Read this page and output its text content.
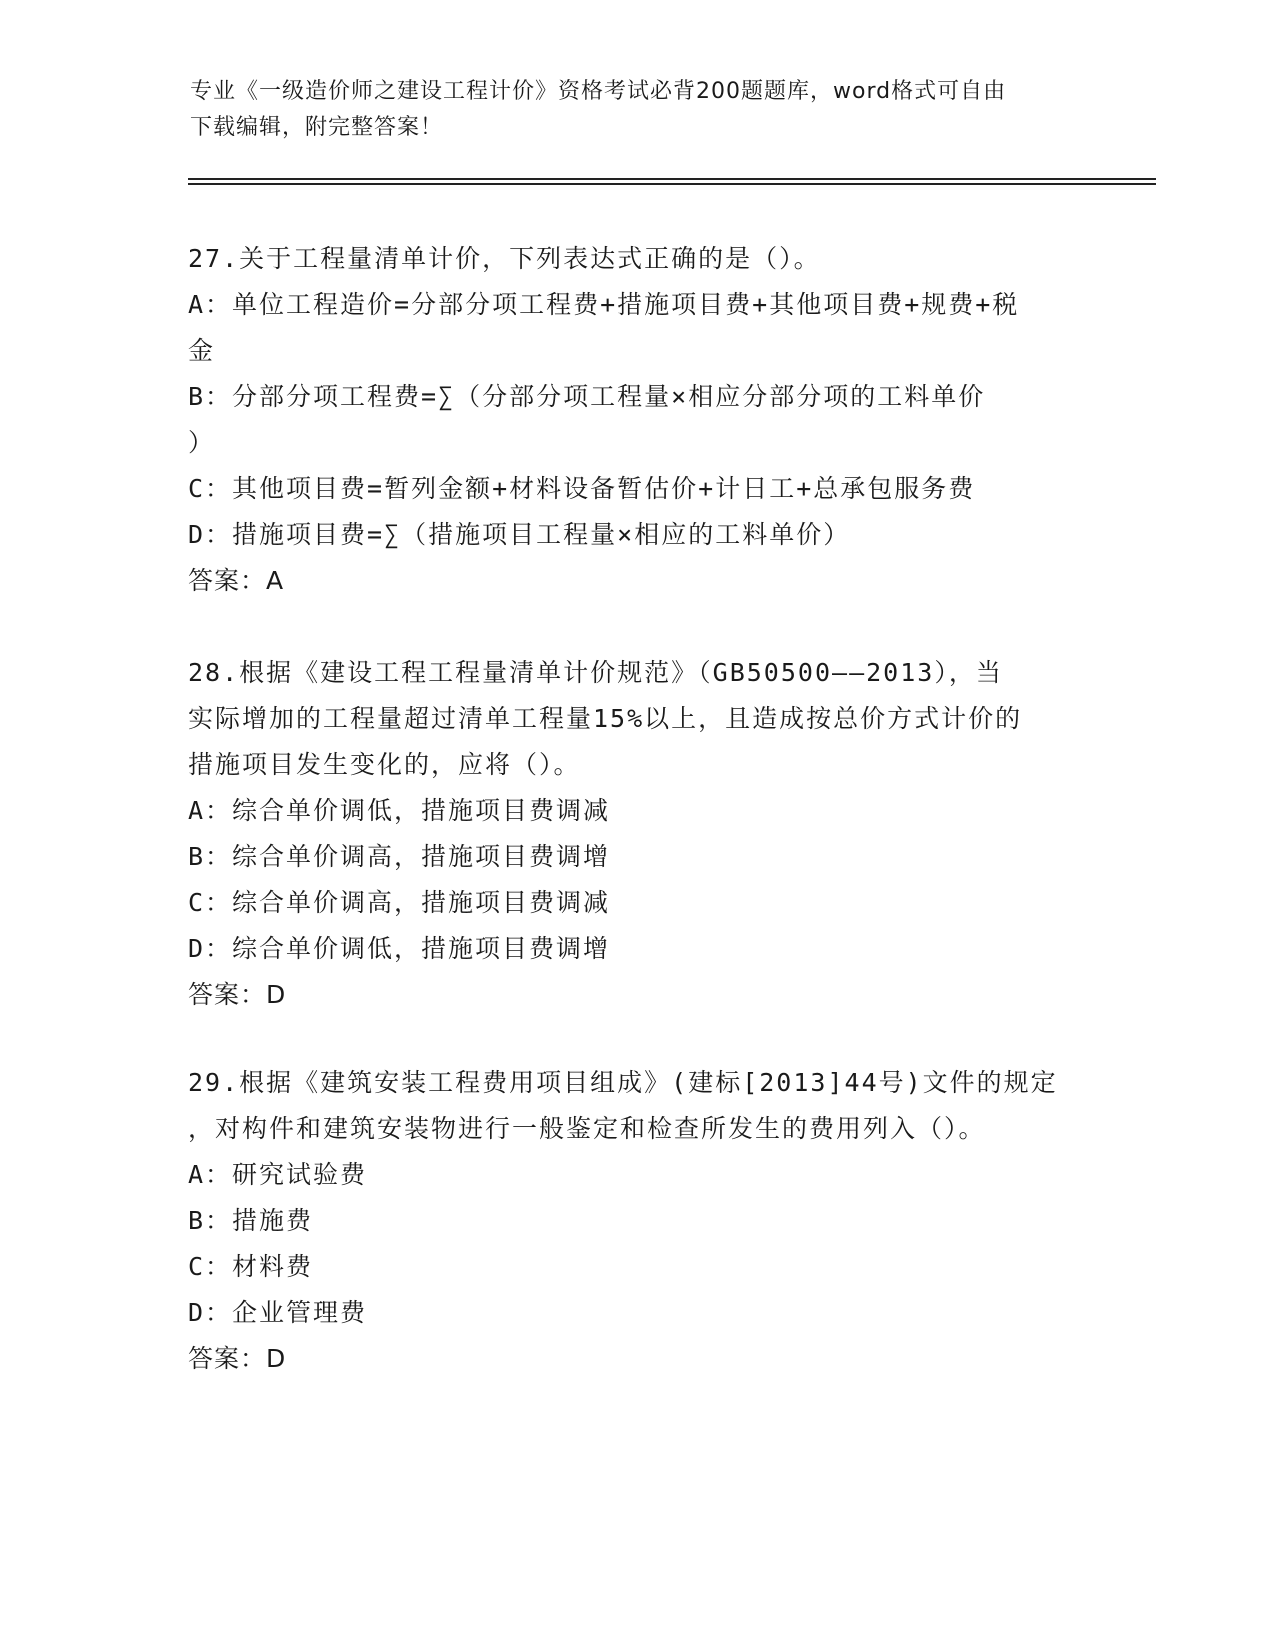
专业《一级造价师之建设工程计价》资格考试必背200题题库，word格式可自由
下载编辑，附完整答案！
27.关于工程量清单计价，下列表达式正确的是（）。
A：单位工程造价=分部分项工程费+措施项目费+其他项目费+规费+税
金
B：分部分项工程费=∑（分部分项工程量×相应分部分项的工料单价
）
C：其他项目费=暂列金额+材料设备暂估价+计日工+总承包服务费
D：措施项目费=∑（措施项目工程量×相应的工料单价）
答案：A
28.根据《建设工程工程量清单计价规范》（GB50500——2013），当
实际增加的工程量超过清单工程量15%以上，且造成按总价方式计价的
措施项目发生变化的，应将（）。
A：综合单价调低，措施项目费调减
B：综合单价调高，措施项目费调增
C：综合单价调高，措施项目费调减
D：综合单价调低，措施项目费调增
答案：D
29.根据《建筑安装工程费用项目组成》(建标[2013]44号)文件的规定
，对构件和建筑安装物进行一般鉴定和检查所发生的费用列入（）。
A：研究试验费
B：措施费
C：材料费
D：企业管理费
答案：D
